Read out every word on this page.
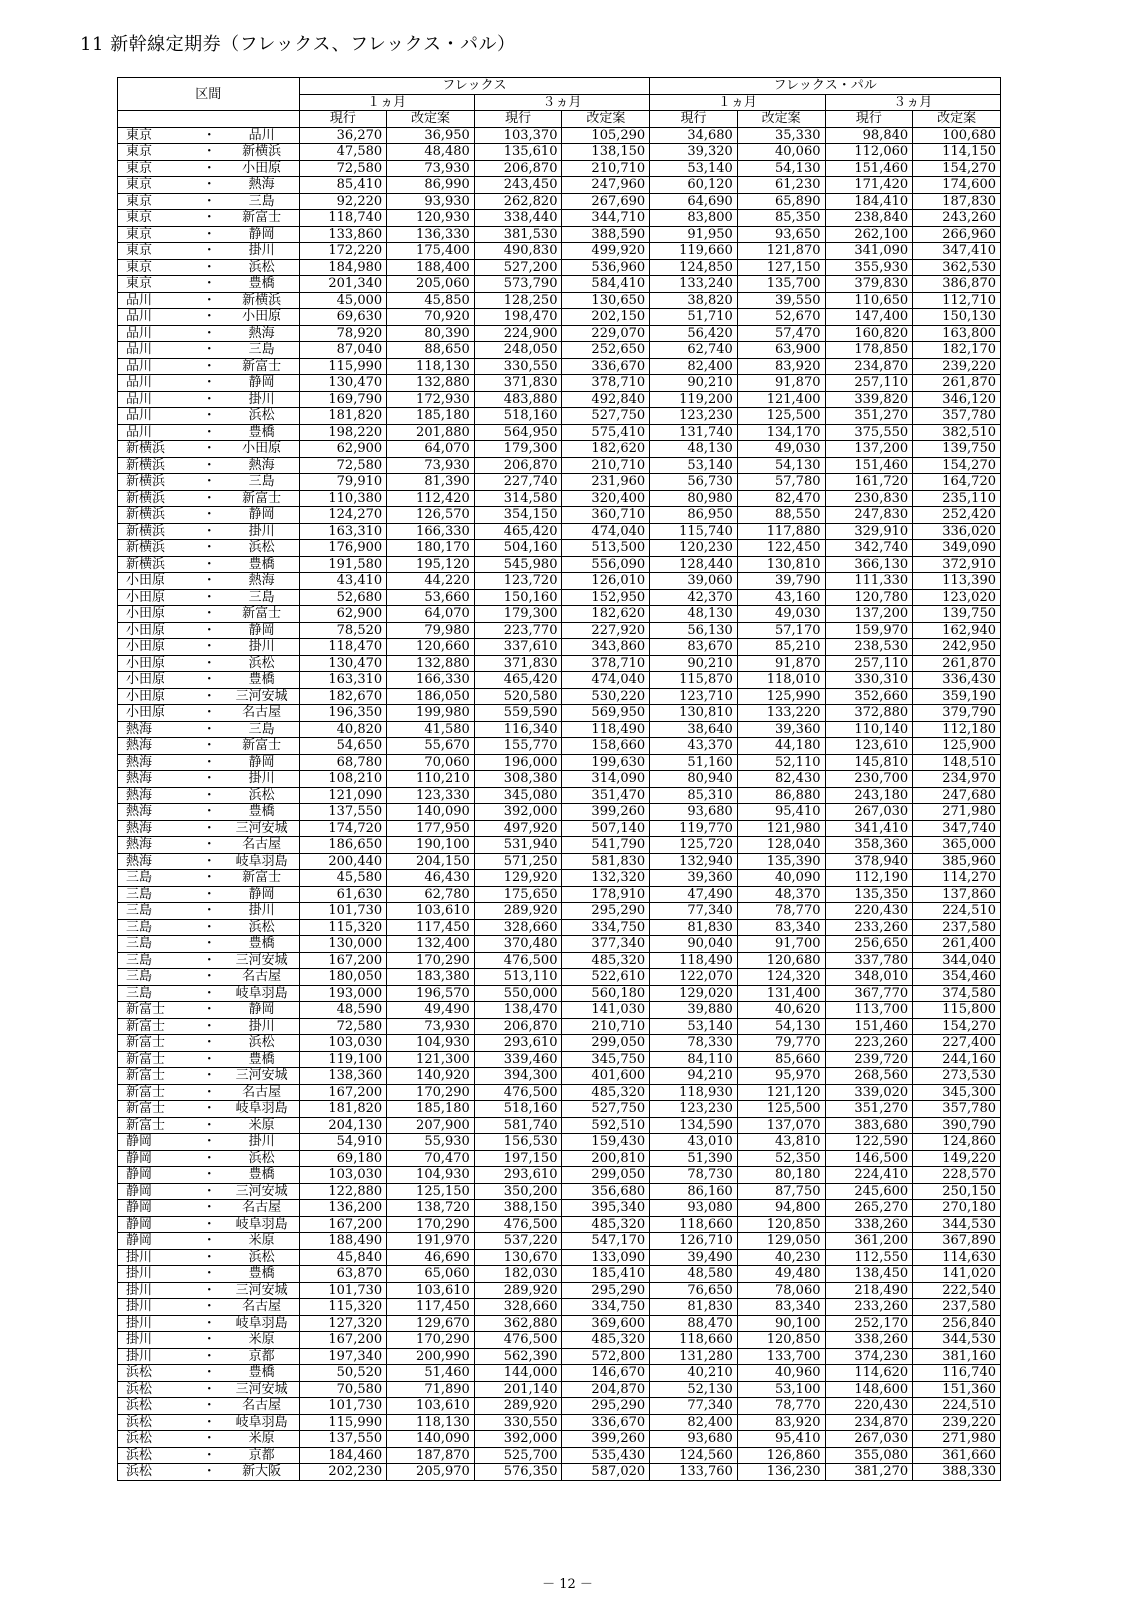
11 新幹線定期券（フレックス、フレックス・パル）
区間			フレックス				フレックス・パル			
			１ヵ月		３ヵ月		１ヵ月		３ヵ月	
			現行	改定案	現行	改定案	現行	改定案	現行	改定案
東京	・	品川	36,270	36,950	103,370	105,290	34,680	35,330	98,840	100,680
東京	・	新横浜	47,580	48,480	135,610	138,150	39,320	40,060	112,060	114,150
東京	・	小田原	72,580	73,930	206,870	210,710	53,140	54,130	151,460	154,270
東京	・	熱海	85,410	86,990	243,450	247,960	60,120	61,230	171,420	174,600
東京	・	三島	92,220	93,930	262,820	267,690	64,690	65,890	184,410	187,830
東京	・	新富士	118,740	120,930	338,440	344,710	83,800	85,350	238,840	243,260
東京	・	静岡	133,860	136,330	381,530	388,590	91,950	93,650	262,100	266,960
東京	・	掛川	172,220	175,400	490,830	499,920	119,660	121,870	341,090	347,410
東京	・	浜松	184,980	188,400	527,200	536,960	124,850	127,150	355,930	362,530
東京	・	豊橋	201,340	205,060	573,790	584,410	133,240	135,700	379,830	386,870
品川	・	新横浜	45,000	45,850	128,250	130,650	38,820	39,550	110,650	112,710
品川	・	小田原	69,630	70,920	198,470	202,150	51,710	52,670	147,400	150,130
品川	・	熱海	78,920	80,390	224,900	229,070	56,420	57,470	160,820	163,800
品川	・	三島	87,040	88,650	248,050	252,650	62,740	63,900	178,850	182,170
品川	・	新富士	115,990	118,130	330,550	336,670	82,400	83,920	234,870	239,220
品川	・	静岡	130,470	132,880	371,830	378,710	90,210	91,870	257,110	261,870
品川	・	掛川	169,790	172,930	483,880	492,840	119,200	121,400	339,820	346,120
品川	・	浜松	181,820	185,180	518,160	527,750	123,230	125,500	351,270	357,780
品川	・	豊橋	198,220	201,880	564,950	575,410	131,740	134,170	375,550	382,510
新横浜	・	小田原	62,900	64,070	179,300	182,620	48,130	49,030	137,200	139,750
新横浜	・	熱海	72,580	73,930	206,870	210,710	53,140	54,130	151,460	154,270
新横浜	・	三島	79,910	81,390	227,740	231,960	56,730	57,780	161,720	164,720
新横浜	・	新富士	110,380	112,420	314,580	320,400	80,980	82,470	230,830	235,110
新横浜	・	静岡	124,270	126,570	354,150	360,710	86,950	88,550	247,830	252,420
新横浜	・	掛川	163,310	166,330	465,420	474,040	115,740	117,880	329,910	336,020
新横浜	・	浜松	176,900	180,170	504,160	513,500	120,230	122,450	342,740	349,090
新横浜	・	豊橋	191,580	195,120	545,980	556,090	128,440	130,810	366,130	372,910
小田原	・	熱海	43,410	44,220	123,720	126,010	39,060	39,790	111,330	113,390
小田原	・	三島	52,680	53,660	150,160	152,950	42,370	43,160	120,780	123,020
小田原	・	新富士	62,900	64,070	179,300	182,620	48,130	49,030	137,200	139,750
小田原	・	静岡	78,520	79,980	223,770	227,920	56,130	57,170	159,970	162,940
小田原	・	掛川	118,470	120,660	337,610	343,860	83,670	85,210	238,530	242,950
小田原	・	浜松	130,470	132,880	371,830	378,710	90,210	91,870	257,110	261,870
小田原	・	豊橋	163,310	166,330	465,420	474,040	115,870	118,010	330,310	336,430
小田原	・	三河安城	182,670	186,050	520,580	530,220	123,710	125,990	352,660	359,190
小田原	・	名古屋	196,350	199,980	559,590	569,950	130,810	133,220	372,880	379,790
熱海	・	三島	40,820	41,580	116,340	118,490	38,640	39,360	110,140	112,180
熱海	・	新富士	54,650	55,670	155,770	158,660	43,370	44,180	123,610	125,900
熱海	・	静岡	68,780	70,060	196,000	199,630	51,160	52,110	145,810	148,510
熱海	・	掛川	108,210	110,210	308,380	314,090	80,940	82,430	230,700	234,970
熱海	・	浜松	121,090	123,330	345,080	351,470	85,310	86,880	243,180	247,680
熱海	・	豊橋	137,550	140,090	392,000	399,260	93,680	95,410	267,030	271,980
熱海	・	三河安城	174,720	177,950	497,920	507,140	119,770	121,980	341,410	347,740
熱海	・	名古屋	186,650	190,100	531,940	541,790	125,720	128,040	358,360	365,000
熱海	・	岐阜羽島	200,440	204,150	571,250	581,830	132,940	135,390	378,940	385,960
三島	・	新富士	45,580	46,430	129,920	132,320	39,360	40,090	112,190	114,270
三島	・	静岡	61,630	62,780	175,650	178,910	47,490	48,370	135,350	137,860
三島	・	掛川	101,730	103,610	289,920	295,290	77,340	78,770	220,430	224,510
三島	・	浜松	115,320	117,450	328,660	334,750	81,830	83,340	233,260	237,580
三島	・	豊橋	130,000	132,400	370,480	377,340	90,040	91,700	256,650	261,400
三島	・	三河安城	167,200	170,290	476,500	485,320	118,490	120,680	337,780	344,040
三島	・	名古屋	180,050	183,380	513,110	522,610	122,070	124,320	348,010	354,460
三島	・	岐阜羽島	193,000	196,570	550,000	560,180	129,020	131,400	367,770	374,580
新富士	・	静岡	48,590	49,490	138,470	141,030	39,880	40,620	113,700	115,800
新富士	・	掛川	72,580	73,930	206,870	210,710	53,140	54,130	151,460	154,270
新富士	・	浜松	103,030	104,930	293,610	299,050	78,330	79,770	223,260	227,400
新富士	・	豊橋	119,100	121,300	339,460	345,750	84,110	85,660	239,720	244,160
新富士	・	三河安城	138,360	140,920	394,300	401,600	94,210	95,970	268,560	273,530
新富士	・	名古屋	167,200	170,290	476,500	485,320	118,930	121,120	339,020	345,300
新富士	・	岐阜羽島	181,820	185,180	518,160	527,750	123,230	125,500	351,270	357,780
新富士	・	米原	204,130	207,900	581,740	592,510	134,590	137,070	383,680	390,790
静岡	・	掛川	54,910	55,930	156,530	159,430	43,010	43,810	122,590	124,860
静岡	・	浜松	69,180	70,470	197,150	200,810	51,390	52,350	146,500	149,220
静岡	・	豊橋	103,030	104,930	293,610	299,050	78,730	80,180	224,410	228,570
静岡	・	三河安城	122,880	125,150	350,200	356,680	86,160	87,750	245,600	250,150
静岡	・	名古屋	136,200	138,720	388,150	395,340	93,080	94,800	265,270	270,180
静岡	・	岐阜羽島	167,200	170,290	476,500	485,320	118,660	120,850	338,260	344,530
静岡	・	米原	188,490	191,970	537,220	547,170	126,710	129,050	361,200	367,890
掛川	・	浜松	45,840	46,690	130,670	133,090	39,490	40,230	112,550	114,630
掛川	・	豊橋	63,870	65,060	182,030	185,410	48,580	49,480	138,450	141,020
掛川	・	三河安城	101,730	103,610	289,920	295,290	76,650	78,060	218,490	222,540
掛川	・	名古屋	115,320	117,450	328,660	334,750	81,830	83,340	233,260	237,580
掛川	・	岐阜羽島	127,320	129,670	362,880	369,600	88,470	90,100	252,170	256,840
掛川	・	米原	167,200	170,290	476,500	485,320	118,660	120,850	338,260	344,530
掛川	・	京都	197,340	200,990	562,390	572,800	131,280	133,700	374,230	381,160
浜松	・	豊橋	50,520	51,460	144,000	146,670	40,210	40,960	114,620	116,740
浜松	・	三河安城	70,580	71,890	201,140	204,870	52,130	53,100	148,600	151,360
浜松	・	名古屋	101,730	103,610	289,920	295,290	77,340	78,770	220,430	224,510
浜松	・	岐阜羽島	115,990	118,130	330,550	336,670	82,400	83,920	234,870	239,220
浜松	・	米原	137,550	140,090	392,000	399,260	93,680	95,410	267,030	271,980
浜松	・	京都	184,460	187,870	525,700	535,430	124,560	126,860	355,080	361,660
浜松	・	新大阪	202,230	205,970	576,350	587,020	133,760	136,230	381,270	388,330
－ 12 －
